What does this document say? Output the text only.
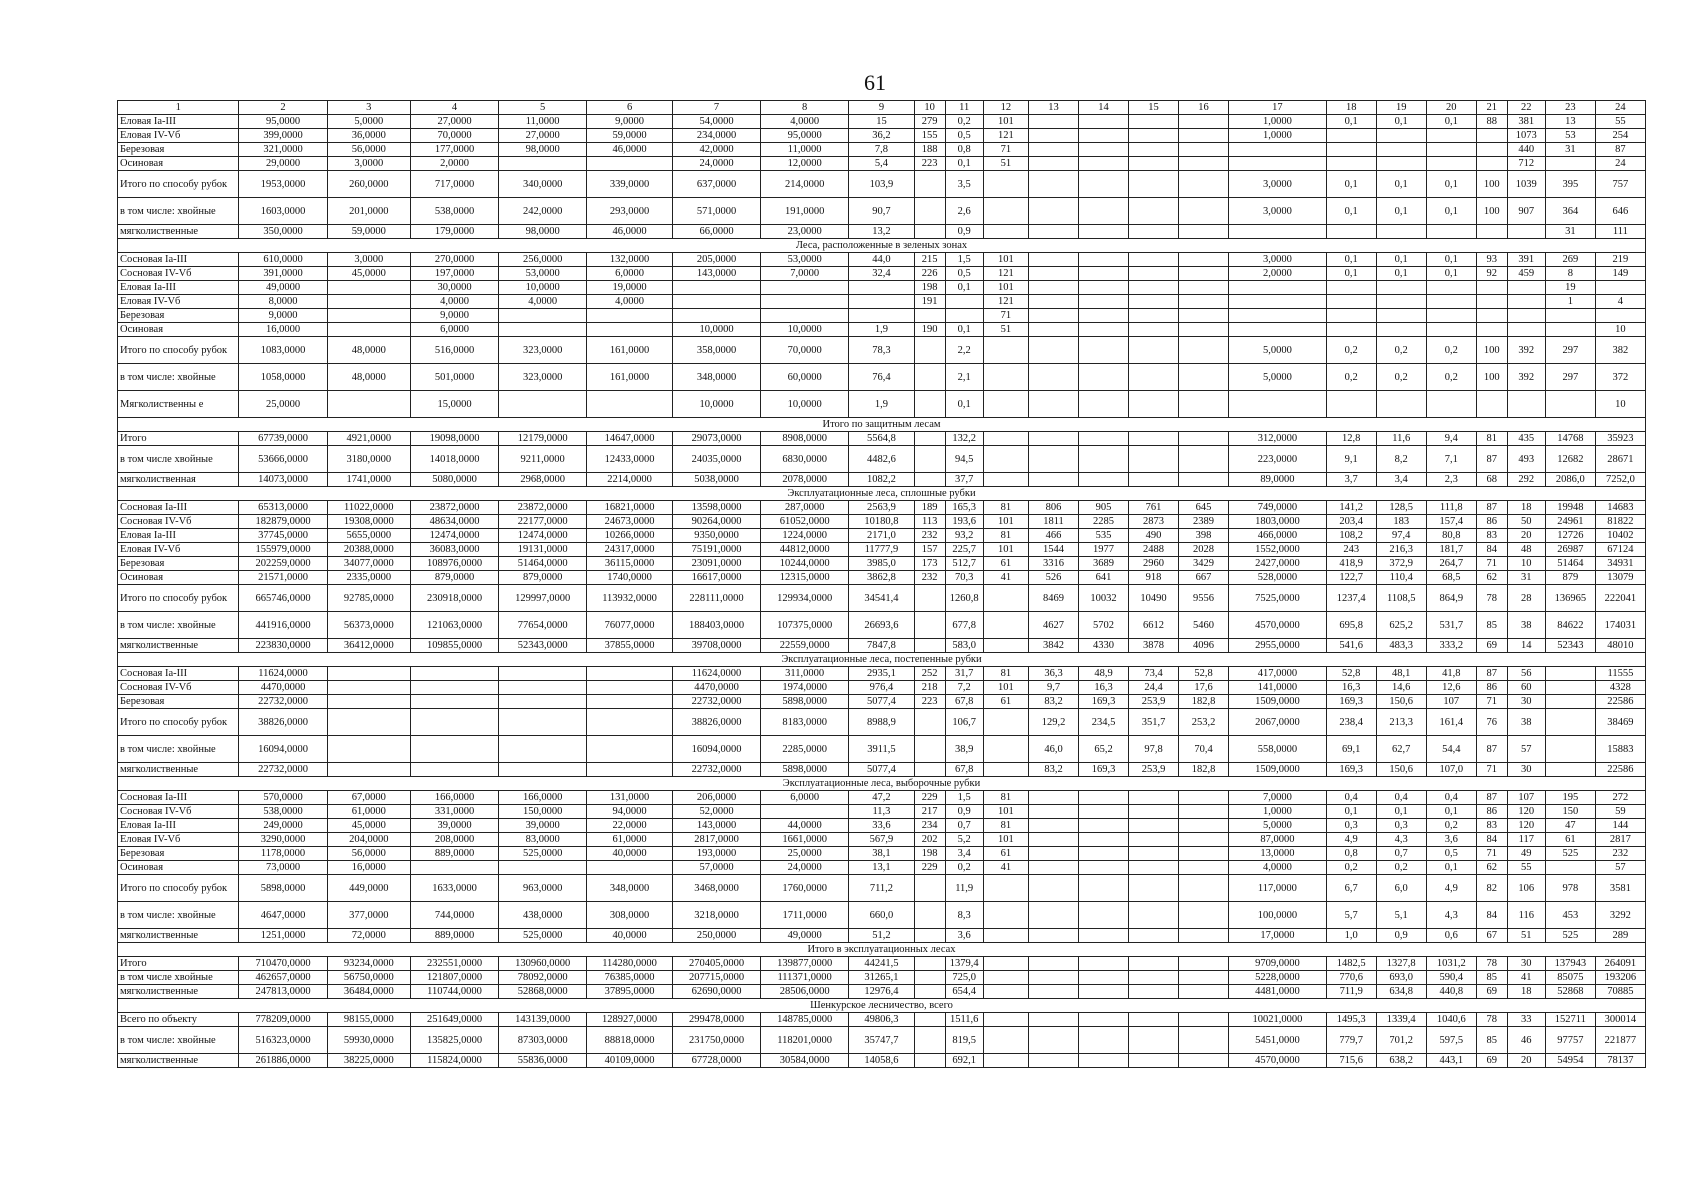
61
1	2	3	4	5	6	7	8	9	10	11	12	13	14	15	16	17	18	19	20	21	22	23	24
Еловая Ia-III	95,0000	5,0000	27,0000	11,0000	9,0000	54,0000	4,0000	15	279	0,2	101					1,0000	0,1	0,1	0,1	88	381	13	55
Еловая IV-Vб	399,0000	36,0000	70,0000	27,0000	59,0000	234,0000	95,0000	36,2	155	0,5	121					1,0000					1073	53	254
Березовая	321,0000	56,0000	177,0000	98,0000	46,0000	42,0000	11,0000	7,8	188	0,8	71										440	31	87
Осиновая	29,0000	3,0000	2,0000			24,0000	12,0000	5,4	223	0,1	51										712		24
Итого по способу рубок	1953,0000	260,0000	717,0000	340,0000	339,0000	637,0000	214,0000	103,9		3,5						3,0000	0,1	0,1	0,1	100	1039	395	757
в том числе: хвойные	1603,0000	201,0000	538,0000	242,0000	293,0000	571,0000	191,0000	90,7		2,6						3,0000	0,1	0,1	0,1	100	907	364	646
мягколиственные	350,0000	59,0000	179,0000	98,0000	46,0000	66,0000	23,0000	13,2		0,9												31	111
Леса, расположенные в зеленых зонах																							
Сосновая Ia-III	610,0000	3,0000	270,0000	256,0000	132,0000	205,0000	53,0000	44,0	215	1,5	101					3,0000	0,1	0,1	0,1	93	391	269	219
Сосновая IV-Vб	391,0000	45,0000	197,0000	53,0000	6,0000	143,0000	7,0000	32,4	226	0,5	121					2,0000	0,1	0,1	0,1	92	459	8	149
Еловая Ia-III	49,0000		30,0000	10,0000	19,0000				198	0,1	101											19	
Еловая IV-Vб	8,0000		4,0000	4,0000	4,0000				191		121											1	4
Березовая	9,0000		9,0000								71												
Осиновая	16,0000		6,0000			10,0000	10,0000	1,9	190	0,1	51												10
Итого по способу рубок	1083,0000	48,0000	516,0000	323,0000	161,0000	358,0000	70,0000	78,3		2,2						5,0000	0,2	0,2	0,2	100	392	297	382
в том числе: хвойные	1058,0000	48,0000	501,0000	323,0000	161,0000	348,0000	60,0000	76,4		2,1						5,0000	0,2	0,2	0,2	100	392	297	372
Мягколиственны е	25,0000		15,0000			10,0000	10,0000	1,9		0,1													10
Итого по защитным лесам																							
Итого	67739,0000	4921,0000	19098,0000	12179,0000	14647,0000	29073,0000	8908,0000	5564,8		132,2						312,0000	12,8	11,6	9,4	81	435	14768	35923
в том числе хвойные	53666,0000	3180,0000	14018,0000	9211,0000	12433,0000	24035,0000	6830,0000	4482,6		94,5						223,0000	9,1	8,2	7,1	87	493	12682	28671
мягколиственная	14073,0000	1741,0000	5080,0000	2968,0000	2214,0000	5038,0000	2078,0000	1082,2		37,7						89,0000	3,7	3,4	2,3	68	292	2086,0	7252,0
Эксплуатационные леса, сплошные рубки																							
Сосновая Ia-III	65313,0000	11022,0000	23872,0000	23872,0000	16821,0000	13598,0000	287,0000	2563,9	189	165,3	81	806	905	761	645	749,0000	141,2	128,5	111,8	87	18	19948	14683
Сосновая IV-Vб	182879,0000	19308,0000	48634,0000	22177,0000	24673,0000	90264,0000	61052,0000	10180,8	113	193,6	101	1811	2285	2873	2389	1803,0000	203,4	183	157,4	86	50	24961	81822
Еловая Ia-III	37745,0000	5655,0000	12474,0000	12474,0000	10266,0000	9350,0000	1224,0000	2171,0	232	93,2	81	466	535	490	398	466,0000	108,2	97,4	80,8	83	20	12726	10402
Еловая IV-Vб	155979,0000	20388,0000	36083,0000	19131,0000	24317,0000	75191,0000	44812,0000	11777,9	157	225,7	101	1544	1977	2488	2028	1552,0000	243	216,3	181,7	84	48	26987	67124
Березовая	202259,0000	34077,0000	108976,0000	51464,0000	36115,0000	23091,0000	10244,0000	3985,0	173	512,7	61	3316	3689	2960	3429	2427,0000	418,9	372,9	264,7	71	10	51464	34931
Осиновая	21571,0000	2335,0000	879,0000	879,0000	1740,0000	16617,0000	12315,0000	3862,8	232	70,3	41	526	641	918	667	528,0000	122,7	110,4	68,5	62	31	879	13079
Итого по способу рубок	665746,0000	92785,0000	230918,0000	129997,0000	113932,0000	228111,0000	129934,0000	34541,4		1260,8		8469	10032	10490	9556	7525,0000	1237,4	1108,5	864,9	78	28	136965	222041
в том числе: хвойные	441916,0000	56373,0000	121063,0000	77654,0000	76077,0000	188403,0000	107375,0000	26693,6		677,8		4627	5702	6612	5460	4570,0000	695,8	625,2	531,7	85	38	84622	174031
мягколиственные	223830,0000	36412,0000	109855,0000	52343,0000	37855,0000	39708,0000	22559,0000	7847,8		583,0		3842	4330	3878	4096	2955,0000	541,6	483,3	333,2	69	14	52343	48010
Эксплуатационные леса, постепенные рубки																							
Сосновая Ia-III	11624,0000					11624,0000	311,0000	2935,1	252	31,7	81	36,3	48,9	73,4	52,8	417,0000	52,8	48,1	41,8	87	56		11555
Сосновая IV-Vб	4470,0000					4470,0000	1974,0000	976,4	218	7,2	101	9,7	16,3	24,4	17,6	141,0000	16,3	14,6	12,6	86	60		4328
Березовая	22732,0000					22732,0000	5898,0000	5077,4	223	67,8	61	83,2	169,3	253,9	182,8	1509,0000	169,3	150,6	107	71	30		22586
Итого по способу рубок	38826,0000					38826,0000	8183,0000	8988,9		106,7		129,2	234,5	351,7	253,2	2067,0000	238,4	213,3	161,4	76	38		38469
в том числе: хвойные	16094,0000					16094,0000	2285,0000	3911,5		38,9		46,0	65,2	97,8	70,4	558,0000	69,1	62,7	54,4	87	57		15883
мягколиственные	22732,0000					22732,0000	5898,0000	5077,4		67,8		83,2	169,3	253,9	182,8	1509,0000	169,3	150,6	107,0	71	30		22586
Эксплуатационные леса, выборочные рубки																							
Сосновая Ia-III	570,0000	67,0000	166,0000	166,0000	131,0000	206,0000	6,0000	47,2	229	1,5	81					7,0000	0,4	0,4	0,4	87	107	195	272
Сосновая IV-Vб	538,0000	61,0000	331,0000	150,0000	94,0000	52,0000		11,3	217	0,9	101					1,0000	0,1	0,1	0,1	86	120	150	59
Еловая Ia-III	249,0000	45,0000	39,0000	39,0000	22,0000	143,0000	44,0000	33,6	234	0,7	81					5,0000	0,3	0,3	0,2	83	120	47	144
Еловая IV-Vб	3290,0000	204,0000	208,0000	83,0000	61,0000	2817,0000	1661,0000	567,9	202	5,2	101					87,0000	4,9	4,3	3,6	84	117	61	2817
Березовая	1178,0000	56,0000	889,0000	525,0000	40,0000	193,0000	25,0000	38,1	198	3,4	61					13,0000	0,8	0,7	0,5	71	49	525	232
Осиновая	73,0000	16,0000				57,0000	24,0000	13,1	229	0,2	41					4,0000	0,2	0,2	0,1	62	55		57
Итого по способу рубок	5898,0000	449,0000	1633,0000	963,0000	348,0000	3468,0000	1760,0000	711,2		11,9						117,0000	6,7	6,0	4,9	82	106	978	3581
в том числе: хвойные	4647,0000	377,0000	744,0000	438,0000	308,0000	3218,0000	1711,0000	660,0		8,3						100,0000	5,7	5,1	4,3	84	116	453	3292
мягколиственные	1251,0000	72,0000	889,0000	525,0000	40,0000	250,0000	49,0000	51,2		3,6						17,0000	1,0	0,9	0,6	67	51	525	289
Итого в эксплуатационных лесах																							
Итого	710470,0000	93234,0000	232551,0000	130960,0000	114280,0000	270405,0000	139877,0000	44241,5		1379,4						9709,0000	1482,5	1327,8	1031,2	78	30	137943	264091
в том числе хвойные	462657,0000	56750,0000	121807,0000	78092,0000	76385,0000	207715,0000	111371,0000	31265,1		725,0						5228,0000	770,6	693,0	590,4	85	41	85075	193206
мягколиственные	247813,0000	36484,0000	110744,0000	52868,0000	37895,0000	62690,0000	28506,0000	12976,4		654,4						4481,0000	711,9	634,8	440,8	69	18	52868	70885
Шенкурское лесничество, всего																							
Всего по объекту	778209,0000	98155,0000	251649,0000	143139,0000	128927,0000	299478,0000	148785,0000	49806,3		1511,6						10021,0000	1495,3	1339,4	1040,6	78	33	152711	300014
в том числе: хвойные	516323,0000	59930,0000	135825,0000	87303,0000	88818,0000	231750,0000	118201,0000	35747,7		819,5						5451,0000	779,7	701,2	597,5	85	46	97757	221877
мягколиственные	261886,0000	38225,0000	115824,0000	55836,0000	40109,0000	67728,0000	30584,0000	14058,6		692,1						4570,0000	715,6	638,2	443,1	69	20	54954	78137
